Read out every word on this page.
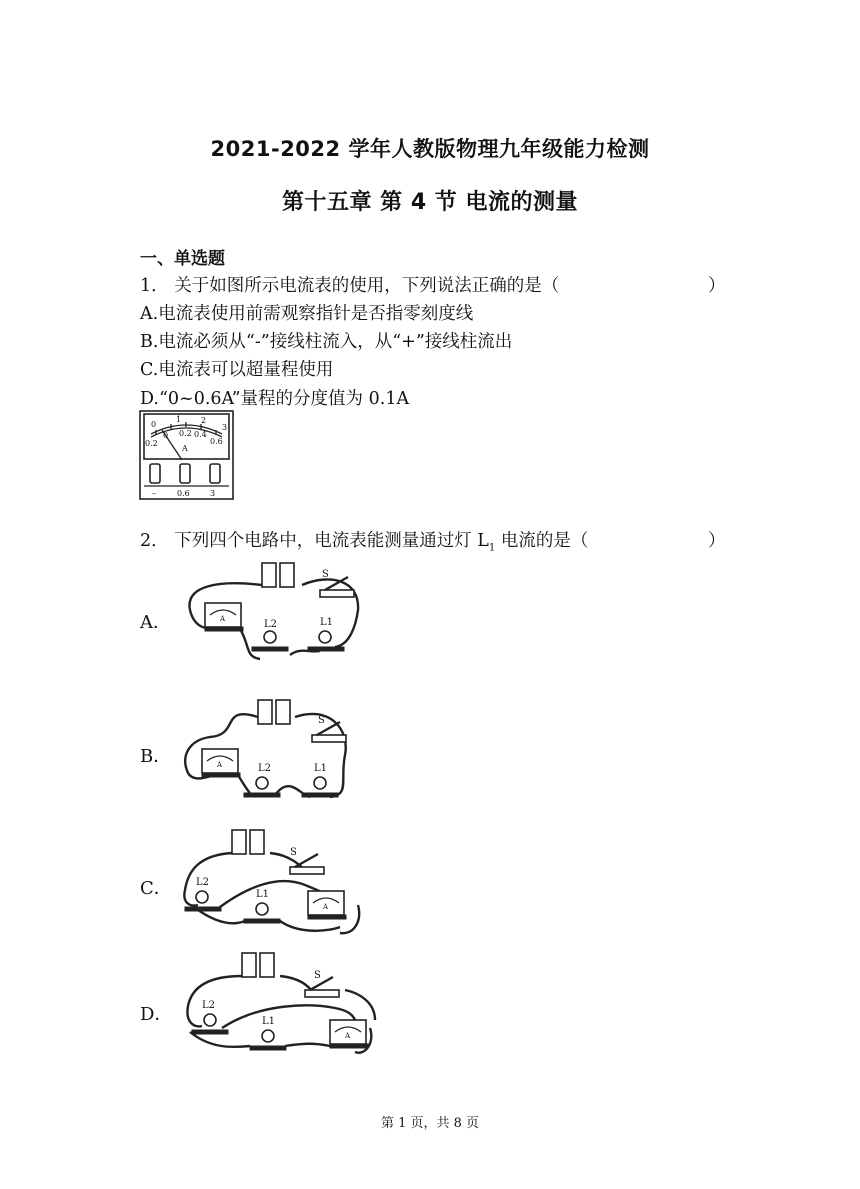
2021-2022 学年人教版物理九年级能力检测
第十五章 第 4 节 电流的测量
一、单选题
1． 关于如图所示电流表的使用，下列说法正确的是（	）
A.电流表使用前需观察指针是否指零刻度线
B.电流必须从“-”接线柱流入，从“+”接线柱流出
C.电流表可以超量程使用
D.“0~0.6A”量程的分度值为 0.1A
0
1 2
3
0.2
0 0.2 0.4
0.6
A
–	0.6	3
2． 下列四个电路中，电流表能测量通过灯 $L_1$ 电流的是（	）
A．
B．
C．
D．
S
A	L2	L1
S
A	L2	L1
S
L2
L1
A
S
L2
L1
A
第 1 页，共 8 页
